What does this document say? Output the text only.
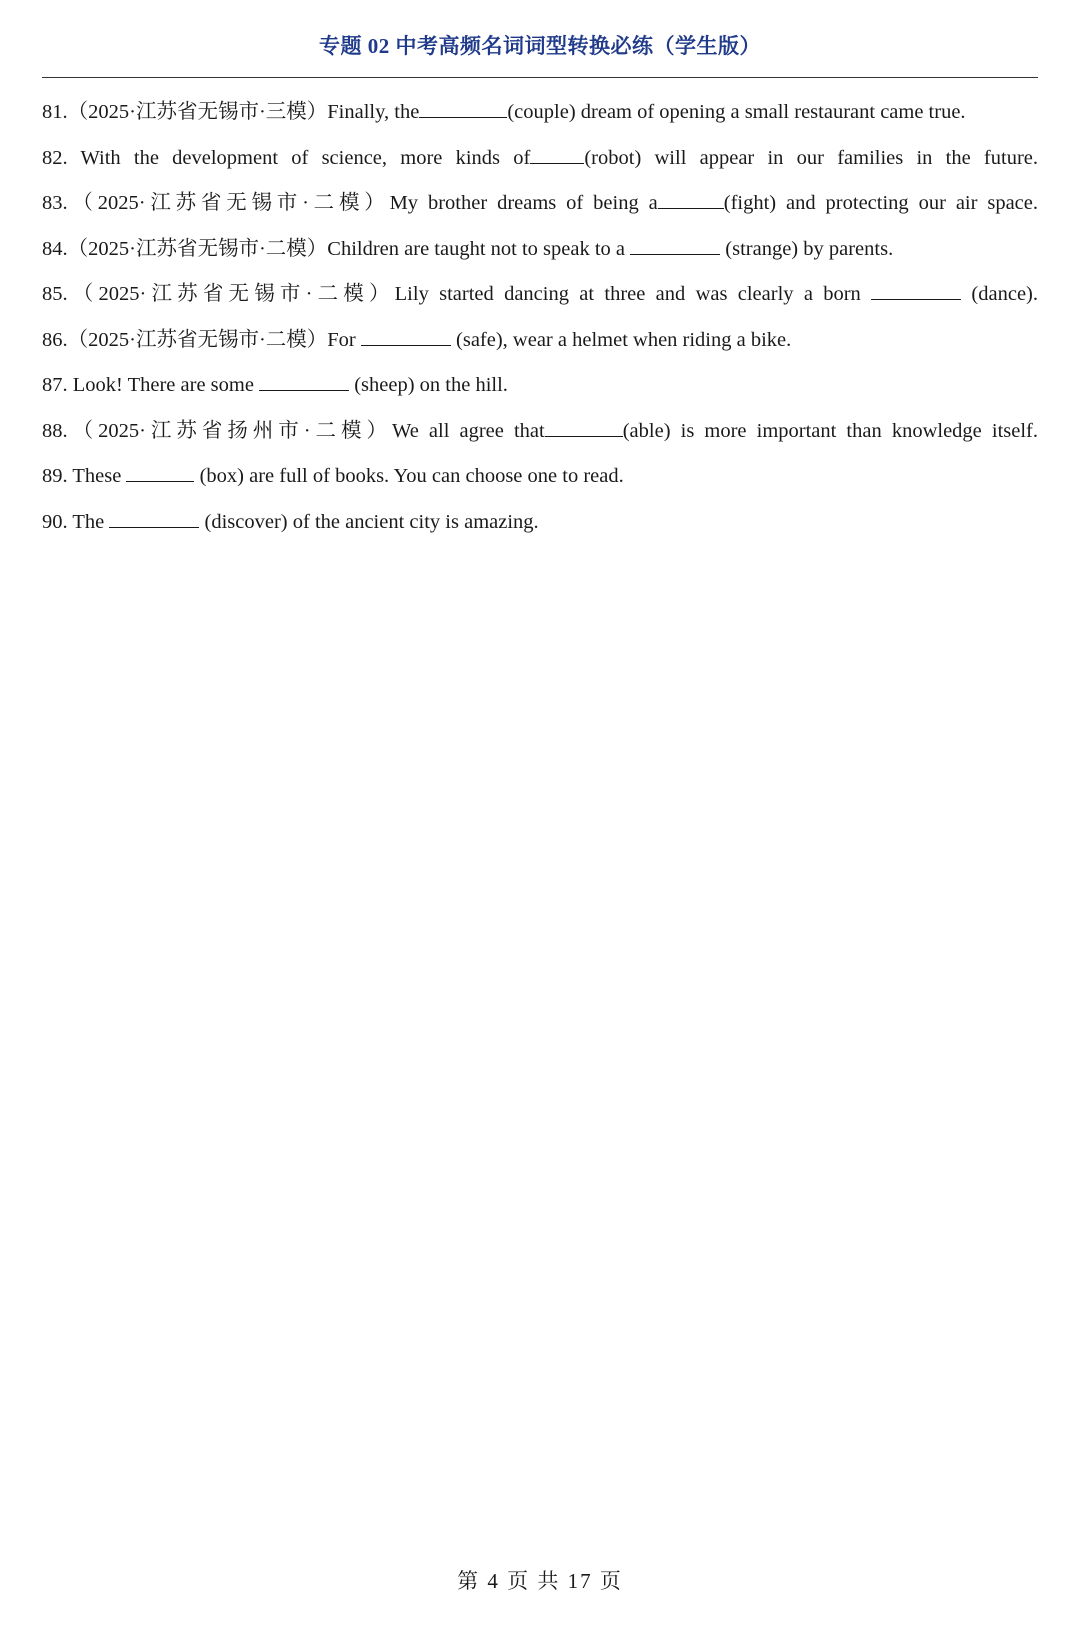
专题 02 中考高频名词词型转换必练（学生版）
81.（2025·江苏省无锡市·三模）Finally, the	(couple) dream of opening a small restaurant came true.
82. With the development of science, more kinds of	(robot) will appear in our families in the future.
83.（2025·江苏省无锡市·二模）My brother dreams of being a	(fight) and protecting our air space.
84.（2025·江苏省无锡市·二模）Children are taught not to speak to a	(strange) by parents.
85.（2025·江苏省无锡市·二模）Lily started dancing at three and was clearly a born	(dance).
86.（2025·江苏省无锡市·二模）For	(safe), wear a helmet when riding a bike.
87. Look! There are some	(sheep) on the hill.
88.（2025·江苏省扬州市·二模）We all agree that	(able) is more important than knowledge itself.
89. These	(box) are full of books. You can choose one to read.
90. The	(discover) of the ancient city is amazing.
第 4 页 共 17 页
